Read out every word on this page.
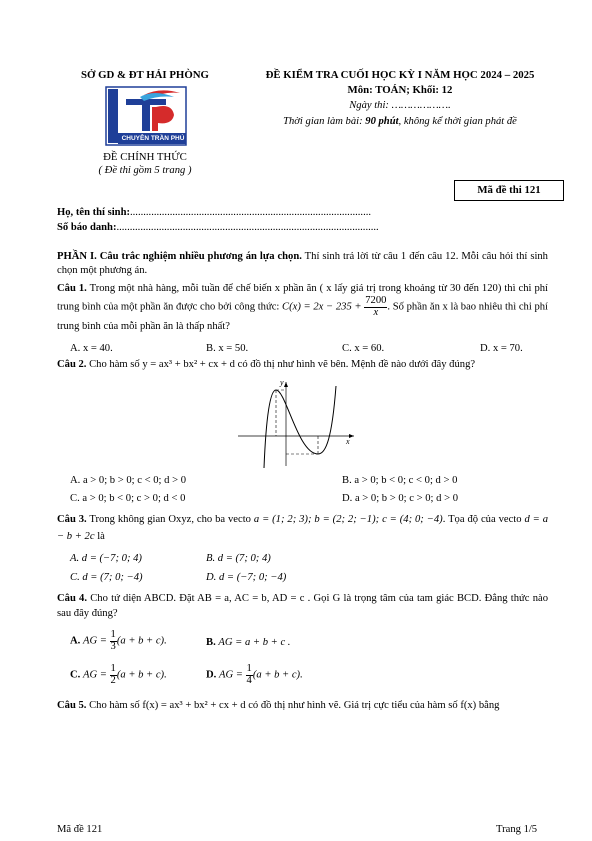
SỞ GD & ĐT HẢI PHÒNG
CHUYÊN TRẦN PHÚ
ĐỀ CHÍNH THỨC
( Đề thi gồm 5 trang )
ĐỀ KIỂM TRA CUỐI HỌC KỲ I NĂM HỌC 2024 – 2025
Môn: TOÁN; Khối: 12
Ngày thi: ……………….
Thời gian làm bài: 90 phút, không kể thời gian phát đề
Mã đề thi 121
Họ, tên thí sinh:...........................................................................................
Số báo danh:...................................................................................................
PHẦN I. Câu trắc nghiệm nhiều phương án lựa chọn. Thí sinh trả lời từ câu 1 đến câu 12. Mỗi câu hỏi thí sinh chọn một phương án.
Câu 1. Trong một nhà hàng, mỗi tuần để chế biến x phần ăn ( x lấy giá trị trong khoảng từ 30 đến 120) thì chi phí trung bình của một phần ăn được cho bởi công thức: $C(x) = 2x - 235 + \frac{7200}{x}$ . Số phần ăn x là bao nhiêu thì chi phí trung bình của mỗi phần ăn là thấp nhất?
A. x = 40.	B. x = 50.	C. x = 60.	D. x = 70.
Câu 2. Cho hàm số y = ax³ + bx² + cx + d có đồ thị như hình vẽ bên. Mệnh đề nào dưới đây đúng?
x
y
A. a > 0; b > 0; c < 0; d > 0	B. a > 0; b < 0; c < 0; d > 0
C. a > 0; b < 0; c > 0; d < 0	D. a > 0; b > 0; c > 0; d > 0
Câu 3. Trong không gian Oxyz, cho ba vecto a = (1; 2; 3); b = (2; 2; −1); c = (4; 0; −4). Tọa độ của vecto d = a − b + 2c là
A. d = (−7; 0; 4)	B. d = (7; 0; 4)
C. d = (7; 0; −4)	D. d = (−7; 0; −4)
Câu 4. Cho tứ diện ABCD. Đặt AB = a, AC = b, AD = c . Gọi G là trọng tâm của tam giác BCD. Đẳng thức nào sau đây đúng?
A. AG = $\frac{1}{3} (a + b + c)$.	B. AG = a + b + c .
C. AG = $\frac{1}{2} (a + b + c)$.	D. AG = $\frac{1}{4} (a + b + c)$.
Câu 5. Cho hàm số f(x) = ax³ + bx² + cx + d có đồ thị như hình vẽ. Giá trị cực tiểu của hàm số f(x) bằng
Mã đề 121	Trang 1/5
